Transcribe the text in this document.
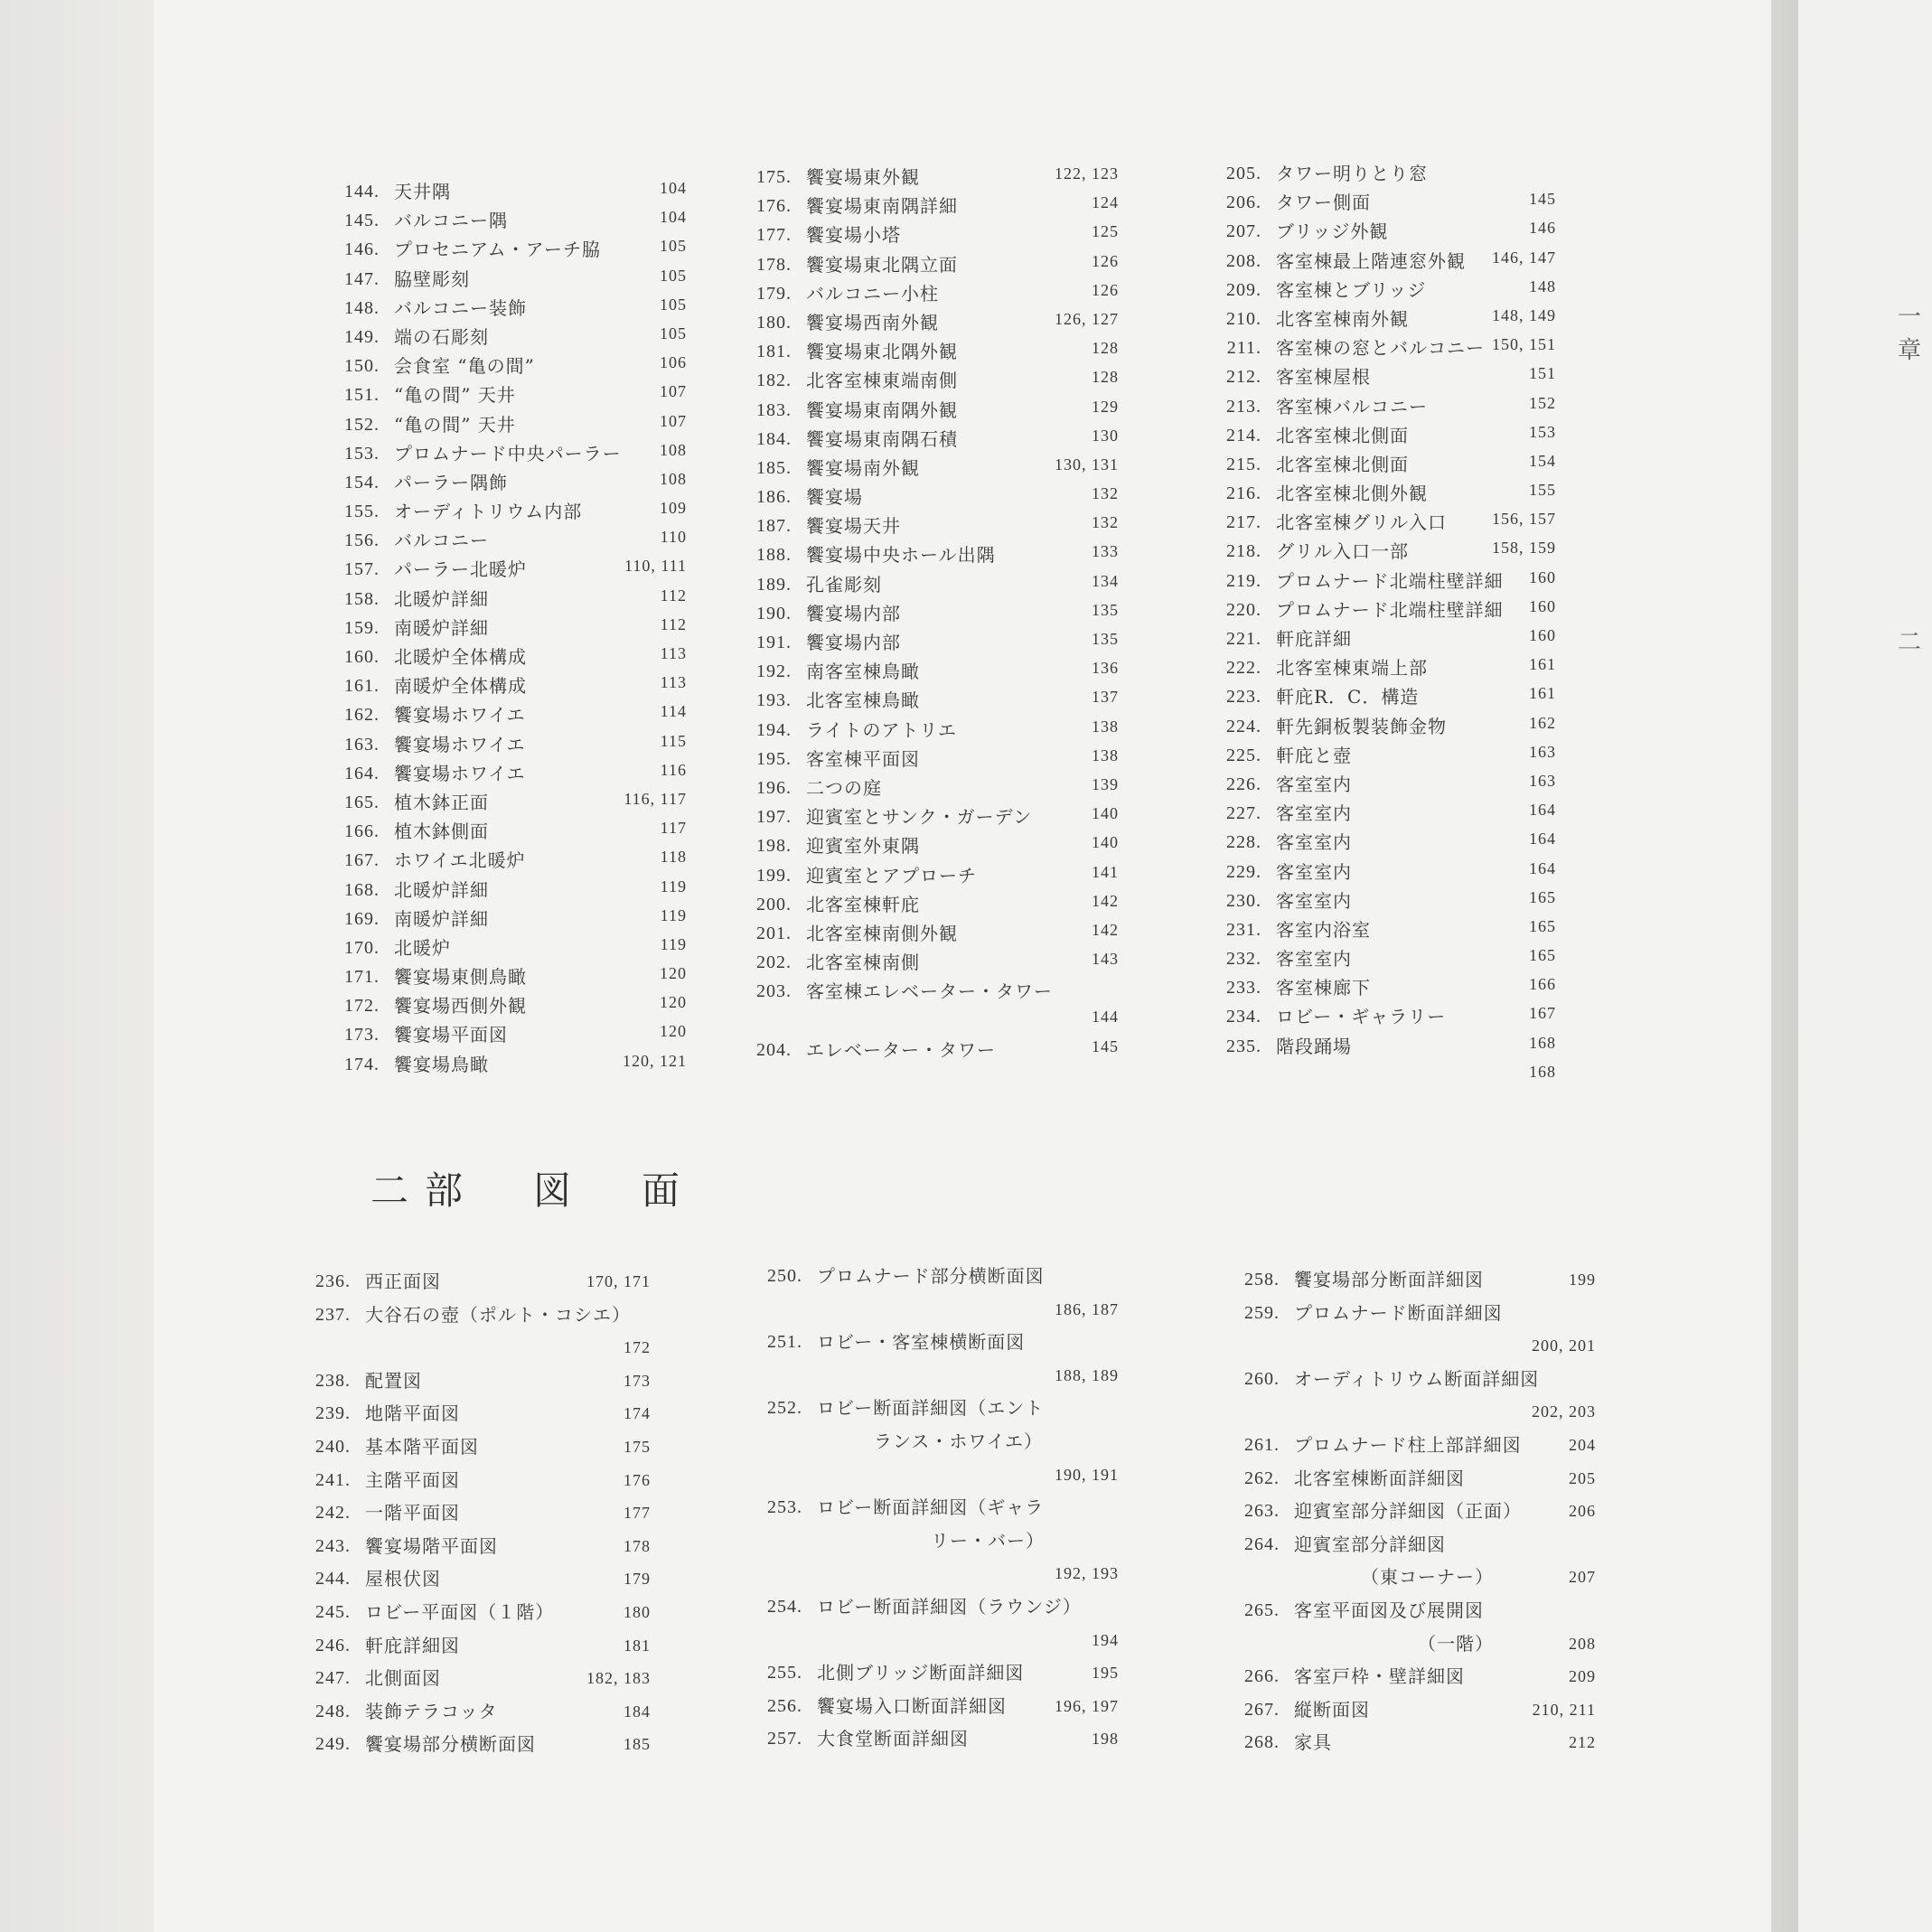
一章
二
144. 天井隅	104
145. バルコニー隅	104
146. プロセニアム・アーチ脇	105
147. 脇壁彫刻	105
148. バルコニー装飾	105
149. 端の石彫刻	105
150. 会食室 “亀の間”	106
151. “亀の間” 天井	107
152. “亀の間” 天井	107
153. プロムナード中央パーラー 108
154. パーラー隅飾	108
155. オーディトリウム内部	109
156. バルコニー	110
157. パーラー北暖炉	110, 111
158. 北暖炉詳細	112
159. 南暖炉詳細	112
160. 北暖炉全体構成	113
161. 南暖炉全体構成	113
162. 饗宴場ホワイエ	114
163. 饗宴場ホワイエ	115
164. 饗宴場ホワイエ	116
165. 植木鉢正面	116, 117
166. 植木鉢側面	117
167. ホワイエ北暖炉	118
168. 北暖炉詳細	119
169. 南暖炉詳細	119
170. 北暖炉	119
171. 饗宴場東側鳥瞰	120
172. 饗宴場西側外観	120
173. 饗宴場平面図	120
174. 饗宴場鳥瞰	120, 121
175. 饗宴場東外観	122, 123
176. 饗宴場東南隅詳細	124
177. 饗宴場小塔	125
178. 饗宴場東北隅立面	126
179. バルコニー小柱	126
180. 饗宴場西南外観	126, 127
181. 饗宴場東北隅外観	128
182. 北客室棟東端南側	128
183. 饗宴場東南隅外観	129
184. 饗宴場東南隅石積	130
185. 饗宴場南外観	130, 131
186. 饗宴場	132
187. 饗宴場天井	132
188. 饗宴場中央ホール出隅	133
189. 孔雀彫刻	134
190. 饗宴場内部	135
191. 饗宴場内部	135
192. 南客室棟鳥瞰	136
193. 北客室棟鳥瞰	137
194. ライトのアトリエ	138
195. 客室棟平面図	138
196. 二つの庭	139
197. 迎賓室とサンク・ガーデン	140
198. 迎賓室外東隅	140
199. 迎賓室とアプローチ	141
200. 北客室棟軒庇	142
201. 北客室棟南側外観	142
202. 北客室棟南側	143
203. 客室棟エレベーター・タワー
144
204. エレベーター・タワー	145
205. タワー明りとり窓
206. タワー側面	145
207. ブリッジ外観	146
208. 客室棟最上階連窓外観 146, 147
209. 客室棟とブリッジ	148
210. 北客室棟南外観	148, 149
211. 客室棟の窓とバルコニー 150, 151
212. 客室棟屋根	151
213. 客室棟バルコニー	152
214. 北客室棟北側面	153
215. 北客室棟北側面	154
216. 北客室棟北側外観	155
217. 北客室棟グリル入口	156, 157
218. グリル入口一部	158, 159
219. プロムナード北端柱壁詳細 160
220. プロムナード北端柱壁詳細 160
221. 軒庇詳細	160
222. 北客室棟東端上部	161
223. 軒庇R．C．構造	161
224. 軒先銅板製装飾金物	162
225. 軒庇と壺	163
226. 客室室内	163
227. 客室室内	164
228. 客室室内	164
229. 客室室内	164
230. 客室室内	165
231. 客室内浴室	165
232. 客室室内	165
233. 客室棟廊下	166
234. ロビー・ギャラリー	167
235. 階段踊場	168
168
二部　図　面
236. 西正面図	170, 171
237. 大谷石の壺（ポルト・コシエ）
172
238. 配置図	173
239. 地階平面図	174
240. 基本階平面図	175
241. 主階平面図	176
242. 一階平面図	177
243. 饗宴場階平面図	178
244. 屋根伏図	179
245. ロビー平面図（１階）	180
246. 軒庇詳細図	181
247. 北側面図	182, 183
248. 装飾テラコッタ	184
249. 饗宴場部分横断面図	185
250. プロムナード部分横断面図
186, 187
251. ロビー・客室棟横断面図
188, 189
252. ロビー断面詳細図（エント
　　　ランス・ホワイエ）
190, 191
253. ロビー断面詳細図（ギャラ
　　　　　　リー・バー）
192, 193
254. ロビー断面詳細図（ラウンジ）
194
255. 北側ブリッジ断面詳細図	195
256. 饗宴場入口断面詳細図	196, 197
257. 大食堂断面詳細図	198
258. 饗宴場部分断面詳細図	199
259. プロムナード断面詳細図
200, 201
260. オーディトリウム断面詳細図
202, 203
261. プロムナード柱上部詳細図	204
262. 北客室棟断面詳細図	205
263. 迎賓室部分詳細図（正面）	206
264. 迎賓室部分詳細図
　　　　（東コーナー）	207
265. 客室平面図及び展開図
　　　　　　　（一階）	208
266. 客室戸枠・壁詳細図	209
267. 縦断面図	210, 211
268. 家具	212
